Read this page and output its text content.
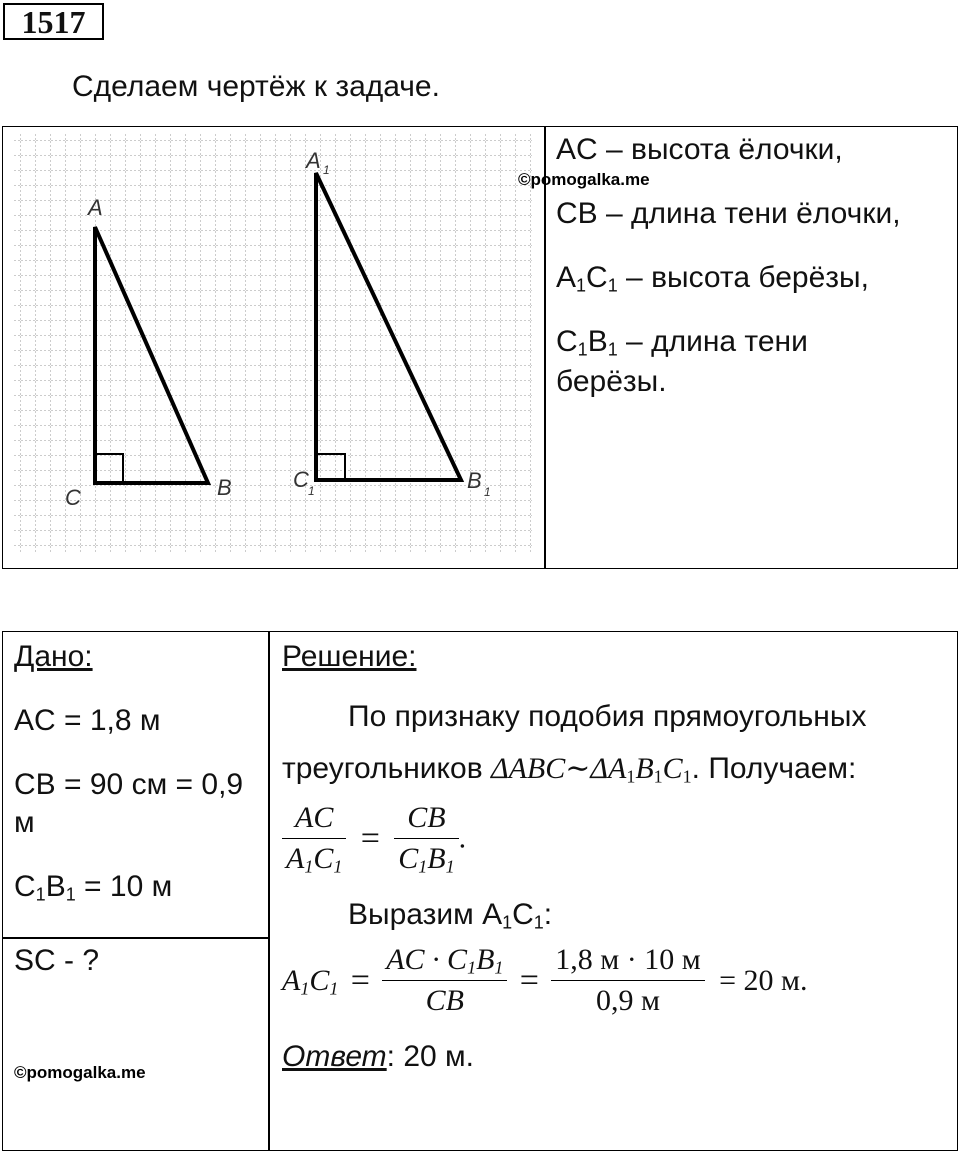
1517
Сделаем чертёж к задаче.
A
B
C
A 1
B 1
C 1
©pomogalka.me

AC – высота ёлочки,

CB – длина тени ёлочки,

$A_1C_1$ – высота берёзы,

$C_1B_1$ – длина тени

берёзы.

Дано:
AC = 1,8 м
CB = 90 см = 0,9 м
$C_1B_1 = 10$ м
SC - ?
©pomogalka.me
Решение:
По признаку подобия прямоугольных
треугольников $\Delta ABC\sim\Delta A_1B_1C_1$. Получаем:
$\frac{AC}{A_1C_1} = \frac{CB}{C_1B_1}$ .
Выразим $A_1C_1$:
$A_1C_1 = \frac{AC \cdot C_1B_1}{CB} = \frac{1,8 м \cdot 10 м}{0,9 м} = 20$ м.
Ответ: 20 м.
